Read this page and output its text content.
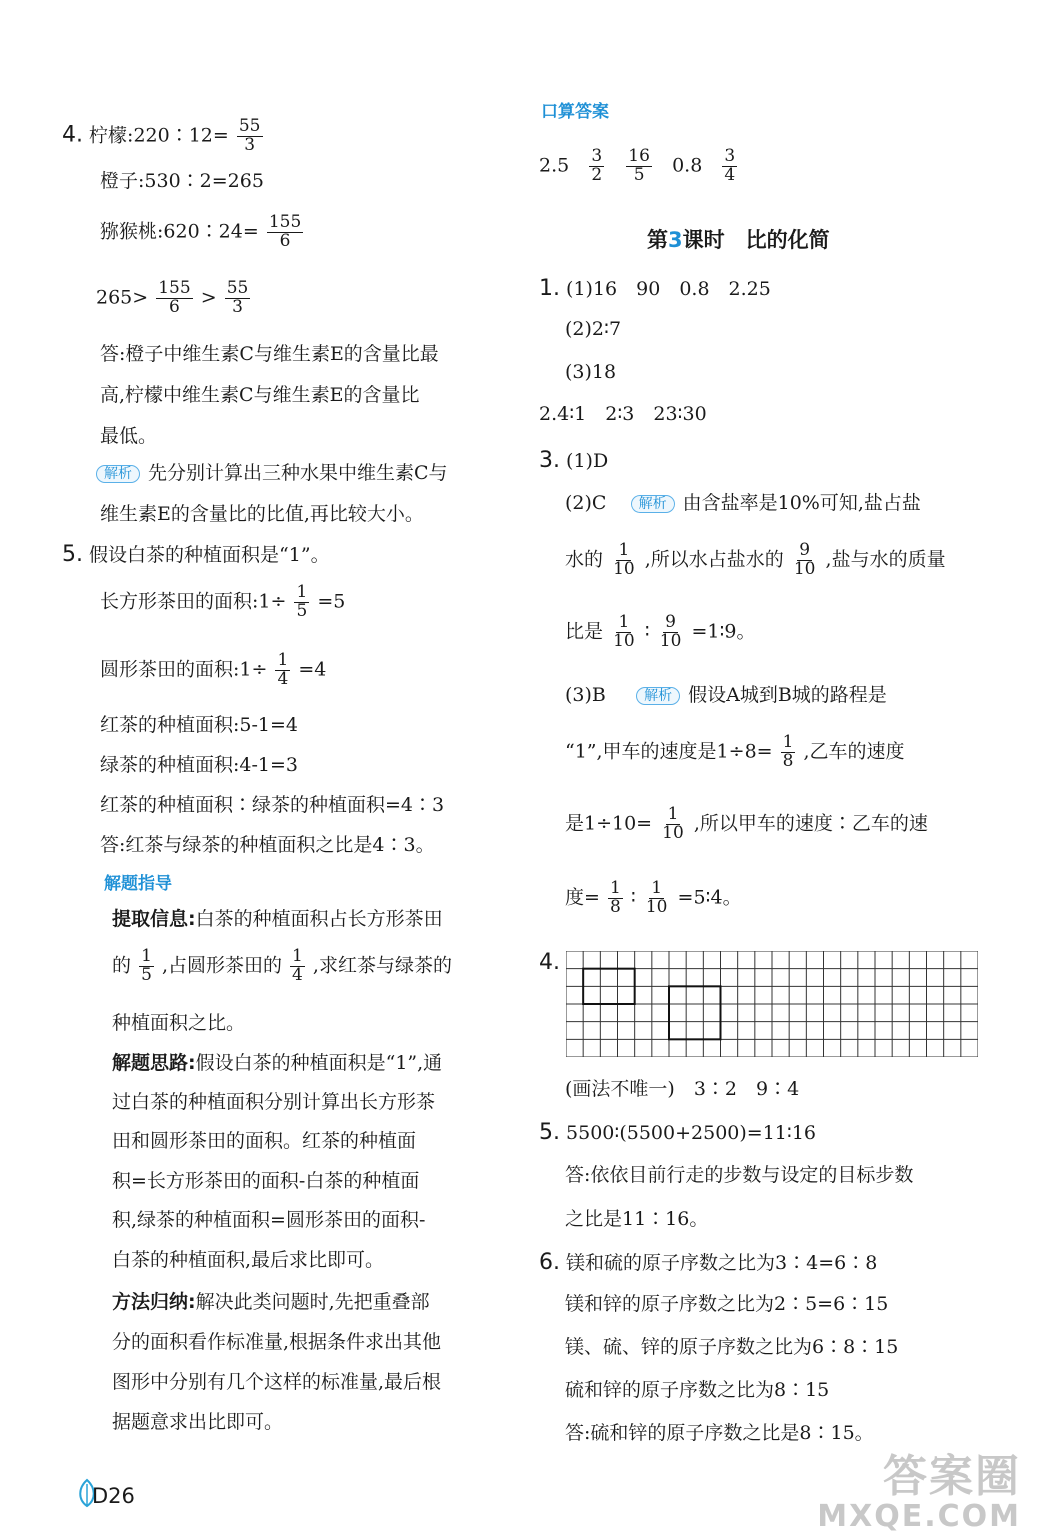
4. 柠檬:220∶12= $\frac{55}{3}$
橙子:530∶2=265
猕猴桃:620∶24= $\frac{155}{6}$
$265> \frac{155}{6} > \frac{55}{3}$
答:橙子中维生素C与维生素E的含量比最
高,柠檬中维生素C与维生素E的含量比
最低。
解析 先分别计算出三种水果中维生素C与
维生素E的含量比的比值,再比较大小。
5. 假设白茶的种植面积是“1”。
长方形茶田的面积:1÷ $\frac{1}{5} =5$
圆形茶田的面积:1÷ $\frac{1}{4} =4$
红茶的种植面积:5-1=4
绿茶的种植面积:4-1=3
红茶的种植面积∶绿茶的种植面积=4∶3
答:红茶与绿茶的种植面积之比是4∶3。
解题指导
提取信息:白茶的种植面积占长方形茶田
的 $\frac{1}{5}$ ,占圆形茶田的 $\frac{1}{4}$ ,求红茶与绿茶的
种植面积之比。
解题思路:假设白茶的种植面积是“1”,通
过白茶的种植面积分别计算出长方形茶
田和圆形茶田的面积。红茶的种植面
积=长方形茶田的面积-白茶的种植面
积,绿茶的种植面积=圆形茶田的面积-
白茶的种植面积,最后求比即可。
方法归纳:解决此类问题时,先把重叠部
分的面积看作标准量,根据条件求出其他
图形中分别有几个这样的标准量,最后根
据题意求出比即可。
口算答案
$2.5 \frac{3}{2}$
$\frac{16}{5} 0.8 \frac{3}{4}$
第3课时　比的化简
1. (1)16　90　0.8　2.25
(2)2∶7
(3)18
2.4∶1　2∶3　23∶30
3. (1)D
(2)C 解析 由含盐率是10%可知,盐占盐
水的 $\frac{1}{10}$ ,所以水占盐水的 $\frac{9}{10}$ ,盐与水的质量
比是 $\frac{1}{10}$ ∶ $\frac{9}{10}$ =1∶9。
(3)B	解析 假设A城到B城的路程是
“1”,甲车的速度是$1\div 8= \frac{1}{8}$ ,乙车的速度
是$1\div 10= \frac{1}{10}$ ,所以甲车的速度∶乙车的速
度= $\frac{1}{8}$ ∶ $\frac{1}{10}$ =5∶4。
4.
(画法不唯一)　3∶2　9∶4
5. 5500∶(5500+2500)=11∶16
答:依依目前行走的步数与设定的目标步数
之比是11∶16。
6. 镁和硫的原子序数之比为3∶4=6∶8
镁和锌的原子序数之比为2∶5=6∶15
镁、硫、锌的原子序数之比为6∶8∶15
硫和锌的原子序数之比为8∶15
答:硫和锌的原子序数之比是8∶15。
D26	答案圈
MXQE.COM
